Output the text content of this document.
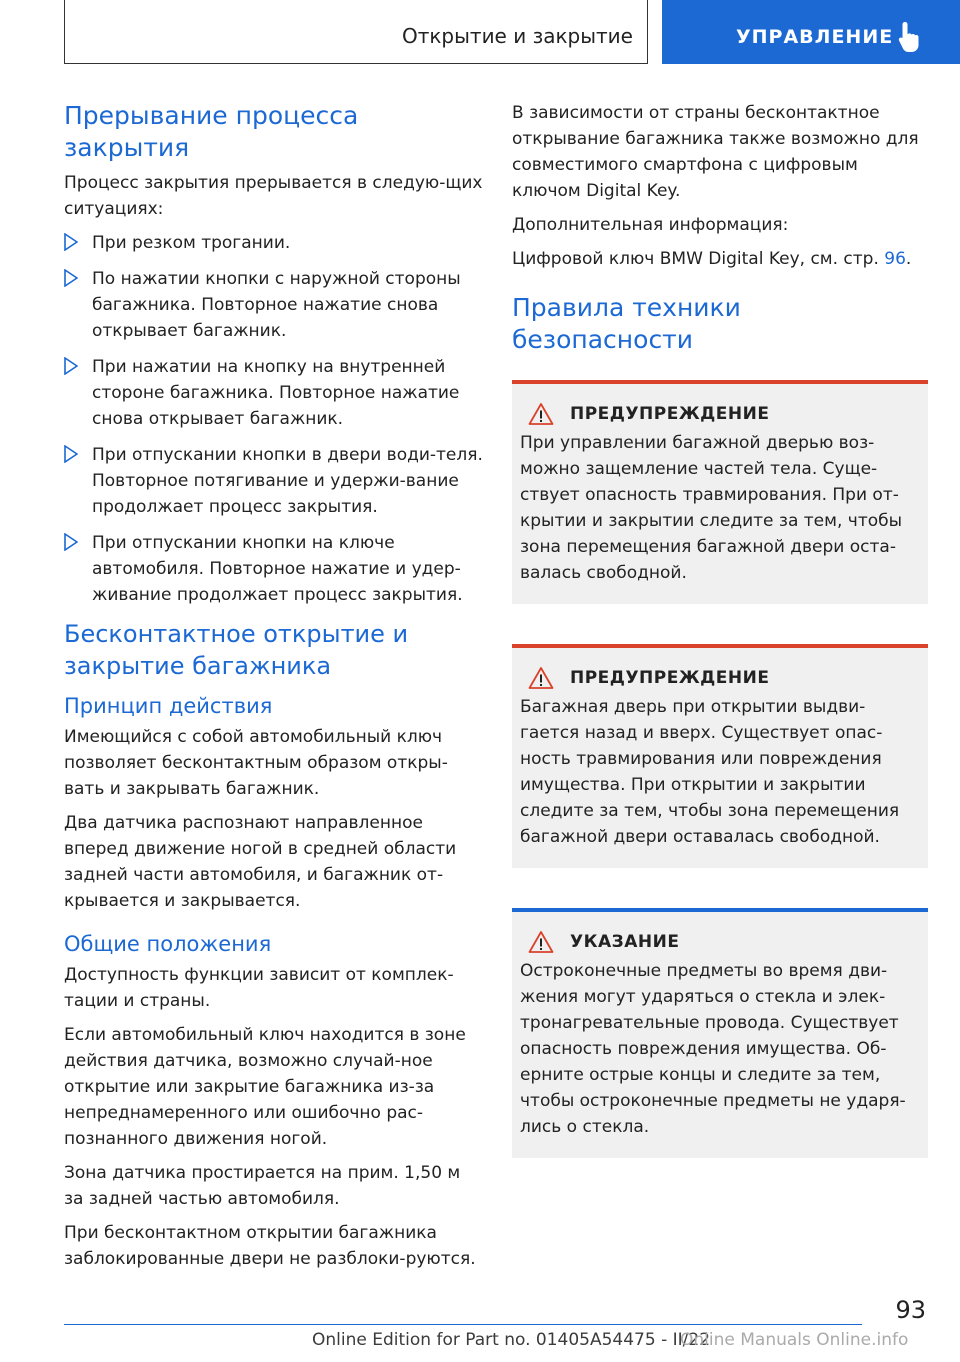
Открытие и закрытие	УПРАВЛЕНИЕ
Прерывание процесса закрытия

Процесс закрытия прерывается в следую-щих ситуациях:

При резком трогании.
По нажатии кнопки с наружной стороны багажника. Повторное нажатие снова открывает багажник.
При нажатии на кнопку на внутренней стороне багажника. Повторное нажатие снова открывает багажник.
При отпускании кнопки в двери води-теля. Повторное потягивание и удержи-вание продолжает процесс закрытия.
При отпускании кнопки на ключе автомобиля. Повторное нажатие и удер-живание продолжает процесс закрытия.
Бесконтактное открытие и закрытие багажника
Принцип действия

Имеющийся с собой автомобильный ключ позволяет бесконтактным образом откры-вать и закрывать багажник.

Два датчика распознают направленное вперед движение ногой в средней области задней части автомобиля, и багажник от-крывается и закрывается.

Общие положения

Доступность функции зависит от комплек-тации и страны.

Если автомобильный ключ находится в зоне действия датчика, возможно случай-ное открытие или закрытие багажника из-за непреднамеренного или ошибочно рас-познанного движения ногой.

Зона датчика простирается на прим. 1,50 м за задней частью автомобиля.

При бесконтактном открытии багажника заблокированные двери не разблоки-руются.

В зависимости от страны бесконтактное открывание багажника также возможно для совместимого смартфона с цифровым ключом Digital Key.

Дополнительная информация:

Цифровой ключ BMW Digital Key, см. стр. 96.

Правила техники безопасности
ПРЕДУПРЕЖДЕНИЕ

При управлении багажной дверью воз-можно защемление частей тела. Суще-ствует опасность травмирования. При от-крытии и закрытии следите за тем, чтобы зона перемещения багажной двери оста-валась свободной.

ПРЕДУПРЕЖДЕНИЕ

Багажная дверь при открытии выдви-гается назад и вверх. Существует опас-ность травмирования или повреждения имущества. При открытии и закрытии следите за тем, чтобы зона перемещения багажной двери оставалась свободной.

УКАЗАНИЕ

Остроконечные предметы во время дви-жения могут ударяться о стекла и элек-тронагревательные провода. Существует опасность повреждения имущества. Об-ерните острые концы и следите за тем, чтобы остроконечные предметы не ударя-лись о стекла.

93
Online Edition for Part no. 01405A54475 - II/22
Online Manuals Online.info
